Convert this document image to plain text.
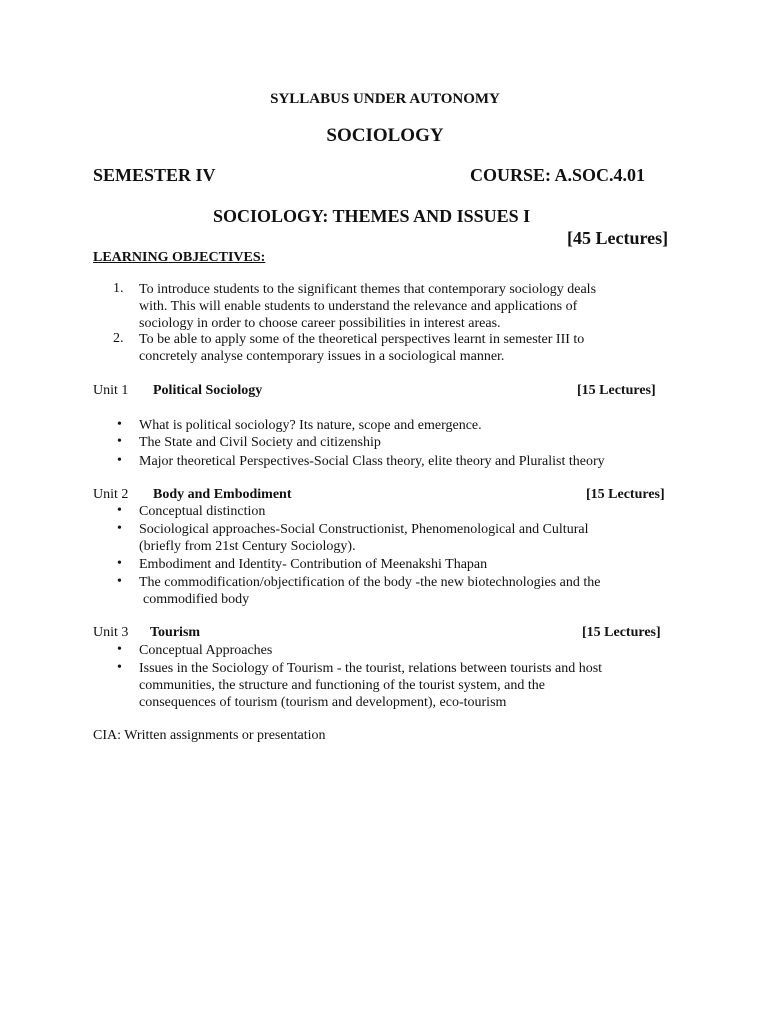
SYLLABUS UNDER AUTONOMY
SOCIOLOGY
SEMESTER IV	COURSE: A.SOC.4.01
SOCIOLOGY: THEMES AND ISSUES I
[45 Lectures]
LEARNING OBJECTIVES:
1. To introduce students to the significant themes that contemporary sociology deals
with. This will enable students to understand the relevance and applications of
sociology in order to choose career possibilities in interest areas.
2. To be able to apply some of the theoretical perspectives learnt in semester III to
concretely analyse contemporary issues in a sociological manner.
Unit 1 Political Sociology	[15 Lectures]
• What is political sociology? Its nature, scope and emergence.
• The State and Civil Society and citizenship
• Major theoretical Perspectives-Social Class theory, elite theory and Pluralist theory
Unit 2 Body and Embodiment	[15 Lectures]
• Conceptual distinction
• Sociological approaches-Social Constructionist, Phenomenological and Cultural
(briefly from 21st Century Sociology).
• Embodiment and Identity- Contribution of Meenakshi Thapan
• The commodification/objectification of the body -the new biotechnologies and the
commodified body
Unit 3 Tourism	[15 Lectures]
• Conceptual Approaches
• Issues in the Sociology of Tourism - the tourist, relations between tourists and host
communities, the structure and functioning of the tourist system, and the
consequences of tourism (tourism and development), eco-tourism
CIA: Written assignments or presentation
